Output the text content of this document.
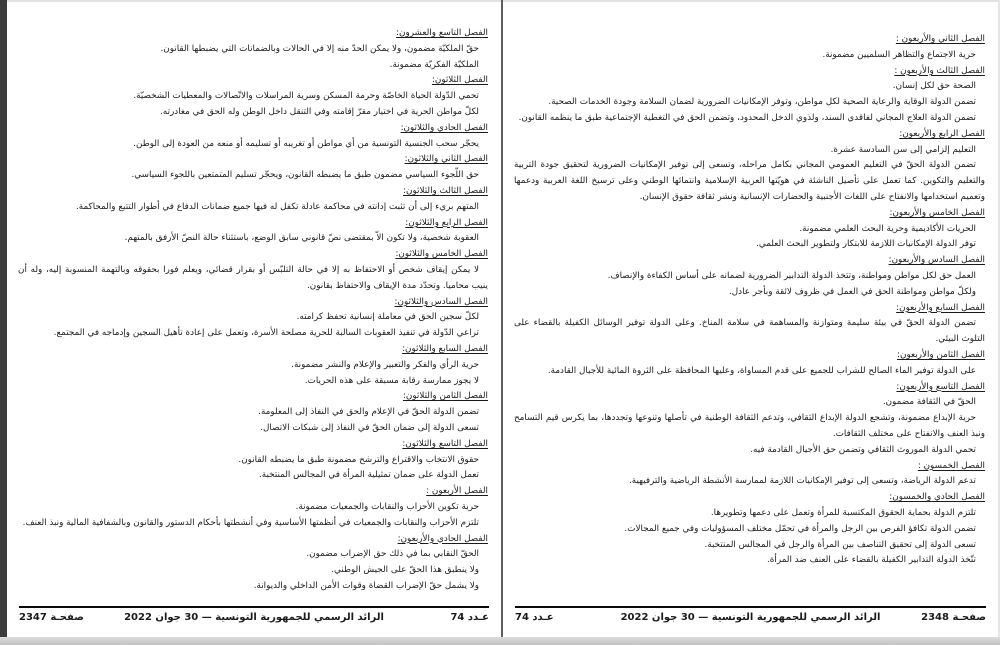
الفصل التاسع والعشرون:
حقّ الملكيّة مضمون، ولا يمكن الحدّ منه إلا في الحالات وبالضمانات التي يضبطها القانون.
الملكيّة الفكريّة مضمونة.
الفصل الثلاثون:
تحمي الدّولة الحياة الخاصّة وحرمة المسكن وسرية المراسلات والاتّصالات والمعطيات الشخصيّة.
لكلّ مواطن الحرية في اختيار مقرّ إقامته وفي التنقل داخل الوطن وله الحق في مغادرته.
الفصل الحادي والثلاثون:
يحجّر سحب الجنسية التونسية من أي مواطن أو تغريبه أو تسليمه أو منعه من العودة إلى الوطن.
الفصل الثاني والثلاثون:
حق اللّجوء السياسي مضمون طبق ما يضبطه القانون، ويحجّر تسليم المتمتعين باللجوء السياسي.
الفصل الثالث والثلاثون:
المتهم بريء إلى أن تثبت إدانته في محاكمة عادلة تكفل له فيها جميع ضمانات الدفاع في أطوار التتبع والمحاكمة.
الفصل الرابع والثلاثون:
العقوبة شخصية، ولا تكون الاّ بمقتضى نصّ قانوني سابق الوضع، باستثناء حالة النصّ الأرفق بالمتهم.
الفصل الخامس والثلاثون:
لا يمكن إيقاف شخص أو الاحتفاظ به إلا في حالة التلبّس أو بقرار قضائي، ويعلم فورا بحقوقه وبالتهمة المنسوبة إليه، وله أن ينيب محاميا. وتحدّد مدة الإيقاف والاحتفاظ بقانون.
الفصل السادس والثلاثون:
لكلّ سجين الحق في معاملة إنسانية تحفظ كرامته.
تراعي الدّولة في تنفيذ العقوبات السالبة للحرية مصلحة الأسرة، وتعمل على إعادة تأهيل السجين وإدماجه في المجتمع.
الفصل السابع والثلاثون:
حرية الرأي والفكر والتعبير والإعلام والنشر مضمونة.
لا يجوز ممارسة رقابة مسبقة على هذه الحريات.
الفصل الثامن والثلاثون:
تضمن الدولة الحقّ في الإعلام والحق في النفاذ إلى المعلومة.
تسعى الدولة إلى ضمان الحقّ في النفاذ إلى شبكات الاتصال.
الفصل التاسع والثلاثون:
حقوق الانتخاب والاقتراع والترشح مضمونة طبق ما يضبطه القانون.
تعمل الدولة على ضمان تمثيلية المرأة في المجالس المنتخبة.
الفصل الأربعون :
حرية تكوين الأحزاب والنقابات والجمعيات مضمونة.
تلتزم الأحزاب والنقابات والجمعيات في أنظمتها الأساسية وفي أنشطتها بأحكام الدستور والقانون وبالشفافية المالية ونبذ العنف.
الفصل الحادي والأربعون:
الحقّ النقابي بما في ذلك حق الإضراب مضمون.
ولا ينطبق هذا الحقّ على الجيش الوطني.
ولا يشمل حقّ الإضراب القضاة وقوات الأمن الداخلي والديوانة.
عـدد 74
الرائد الرسمي للجمهورية التونسية — 30 جوان 2022
صفحـة 2347
الفصل الثاني والأربعون :
حرية الاجتماع والتظاهر السلميين مضمونة.
الفصل الثالث والأربعون :
الصحة حق لكل إنسان.
تضمن الدولة الوقاية والرعاية الصحية لكل مواطن، وتوفر الإمكانيات الضرورية لضمان السلامة وجودة الخدمات الصحية.
تضمن الدولة العلاج المجاني لفاقدي السند، ولذوي الدخل المحدود، وتضمن الحق في التغطية الإجتماعية طبق ما ينظمه القانون.
الفصل الرابع والأربعون:
التعليم إلزامي إلى سن السادسة عشرة.
تضمن الدولة الحقّ في التعليم العمومي المجاني بكامل مراحله، وتسعى إلى توفير الإمكانيات الضرورية لتحقيق جودة التربية والتعليم والتكوين. كما تعمل على تأصيل الناشئة في هويّتها العربية الإسلامية وانتمائها الوطني وعلى ترسيخ اللغة العربية ودعمها وتعميم استخدامها والانفتاح على اللغات الأجنبية والحضارات الإنسانية ونشر ثقافة حقوق الإنسان.
الفصل الخامس والأربعون:
الحريات الأكاديمية وحرية البحث العلمي مضمونة.
توفر الدولة الإمكانيات اللازمة للابتكار ولتطوير البحث العلمي.
الفصل السادس والأربعون:
العمل حق لكل مواطن ومواطنة، وتتخذ الدولة التدابير الضرورية لضمانه على أساس الكفاءة والإنصاف.
ولكلّ مواطن ومواطنة الحق في العمل في ظروف لائقة وبأجر عادل.
الفصل السابع والأربعون:
تضمن الدولة الحقّ في بيئة سليمة ومتوازنة والمساهمة في سلامة المناخ. وعلى الدولة توفير الوسائل الكفيلة بالقضاء على التلوث البيئي.
الفصل الثامن والأربعون:
على الدولة توفير الماء الصالح للشراب للجميع على قدم المساواة، وعليها المحافظة على الثروة المائية للأجيال القادمة.
الفصل التاسع والأربعون:
الحقّ في الثقافة مضمون.
حرية الإبداع مضمونة، وتشجع الدولة الإبداع الثقافي، وتدعم الثقافة الوطنية في تأصلها وتنوعها وتجددها، بما يكرس قيم التسامح ونبذ العنف والانفتاح على مختلف الثقافات.
تحمي الدولة الموروث الثقافي وتضمن حق الأجيال القادمة فيه.
الفصل الخمسون :
تدعم الدولة الرياضة، وتسعى إلى توفير الإمكانيات اللازمة لممارسة الأنشطة الرياضية والترفيهية.
الفصل الحادي والخمسون:
تلتزم الدولة بحماية الحقوق المكتسبة للمرأة وتعمل على دعمها وتطويرها.
تضمن الدولة تكافؤ الفرص بين الرجل والمرأة في تحمّل مختلف المسؤوليات وفي جميع المجالات.
تسعى الدولة إلى تحقيق التناصف بين المرأة والرجل في المجالس المنتخبة.
تتّخذ الدولة التدابير الكفيلة بالقضاء على العنف ضد المرأة.
صفحـة 2348
الرائد الرسمي للجمهورية التونسية — 30 جوان 2022
عـدد 74
